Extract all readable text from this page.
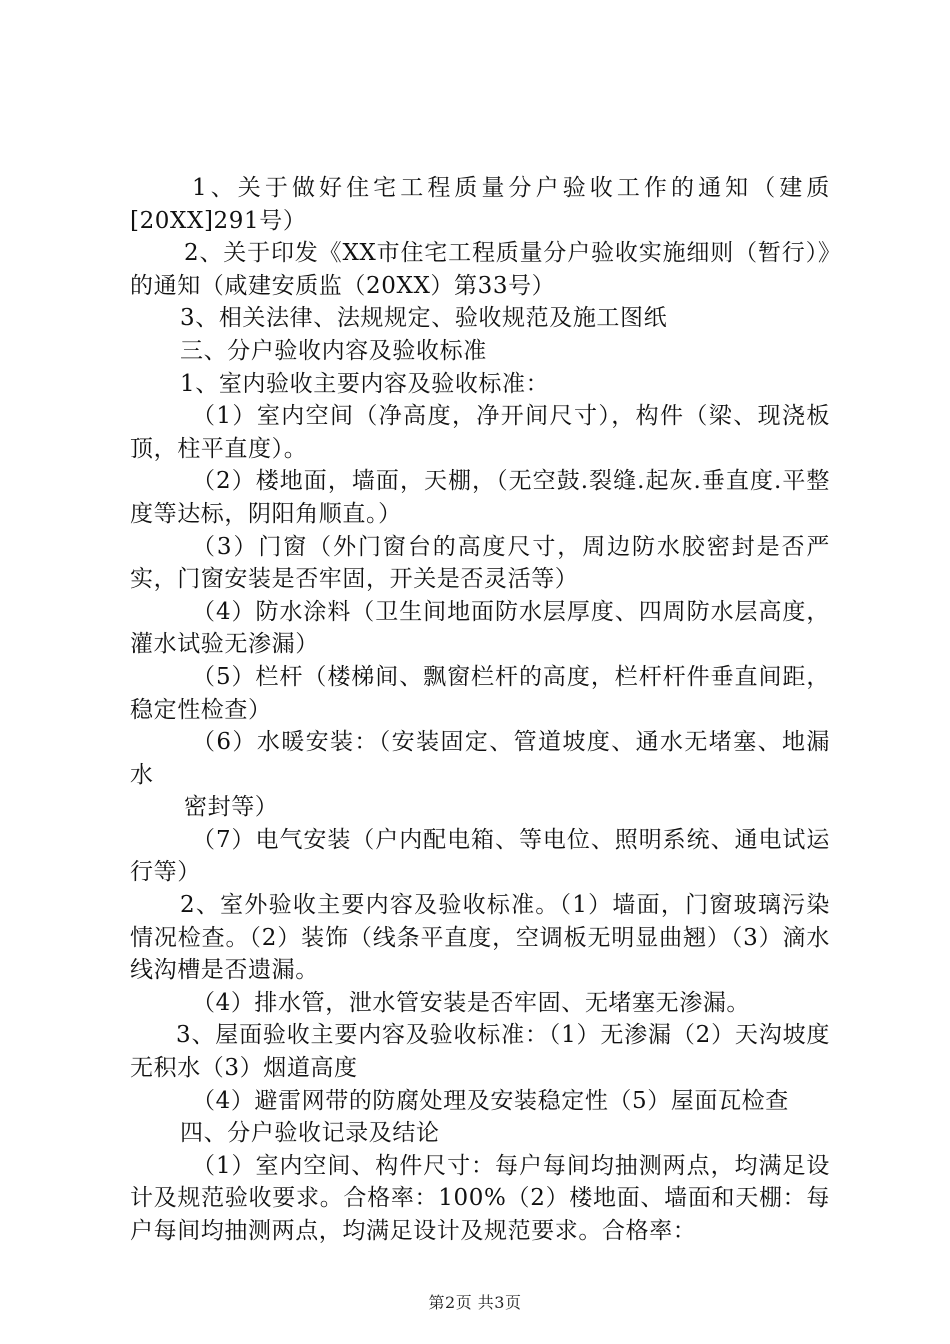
1、关于做好住宅工程质量分户验收工作的通知（建质[20XX]291号）

2、关于印发《XX市住宅工程质量分户验收实施细则（暂行）》的通知（咸建安质监（20XX）第33号）

3、相关法律、法规规定、验收规范及施工图纸

三、分户验收内容及验收标准

1、室内验收主要内容及验收标准：

（1）室内空间（净高度，净开间尺寸），构件（梁、现浇板顶，柱平直度）。

（2）楼地面，墙面，天棚，（无空鼓.裂缝.起灰.垂直度.平整度等达标，阴阳角顺直。）

（3）门窗（外门窗台的高度尺寸，周边防水胶密封是否严实，门窗安装是否牢固，开关是否灵活等）

（4）防水涂料（卫生间地面防水层厚度、四周防水层高度，灌水试验无渗漏）

（5）栏杆（楼梯间、飘窗栏杆的高度，栏杆杆件垂直间距，稳定性检查）

（6）水暖安装：（安装固定、管道坡度、通水无堵塞、地漏水

密封等）

（7）电气安装（户内配电箱、等电位、照明系统、通电试运行等）

2、室外验收主要内容及验收标准。（1）墙面，门窗玻璃污染情况检查。（2）装饰（线条平直度，空调板无明显曲翘）（3）滴水线沟槽是否遗漏。

（4）排水管，泄水管安装是否牢固、无堵塞无渗漏。

3、屋面验收主要内容及验收标准：（1）无渗漏（2）天沟坡度无积水（3）烟道高度

（4）避雷网带的防腐处理及安装稳定性（5）屋面瓦检查

四、分户验收记录及结论

（1）室内空间、构件尺寸：每户每间均抽测两点，均满足设计及规范验收要求。合格率：100%（2）楼地面、墙面和天棚：每户每间均抽测两点，均满足设计及规范要求。合格率：

第2页 共3页
